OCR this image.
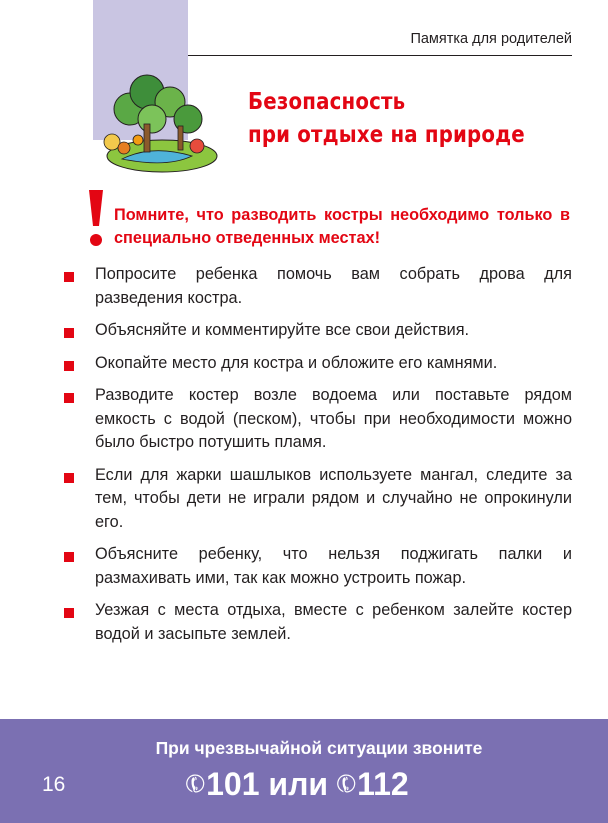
Памятка для родителей
Безопасность
при отдыхе на природе
Помните, что разводить костры необходимо только в специально отведенных местах!
Попросите ребенка помочь вам собрать дрова для разведения костра.
Объясняйте и комментируйте все свои действия.
Окопайте место для костра и обложите его камнями.
Разводите костер возле водоема или поставьте рядом емкость с водой (песком), чтобы при необходимости можно было быстро потушить пламя.
Если для жарки шашлыков используете мангал, следите за тем, чтобы дети не играли рядом и случайно не опрокинули его.
Объясните ребенку, что нельзя поджигать палки и размахивать ими, так как можно устроить пожар.
Уезжая с места отдыха, вместе с ребенком залейте костер водой и засыпьте землей.
При чрезвычайной ситуации звоните
✆101 или ✆112
16
